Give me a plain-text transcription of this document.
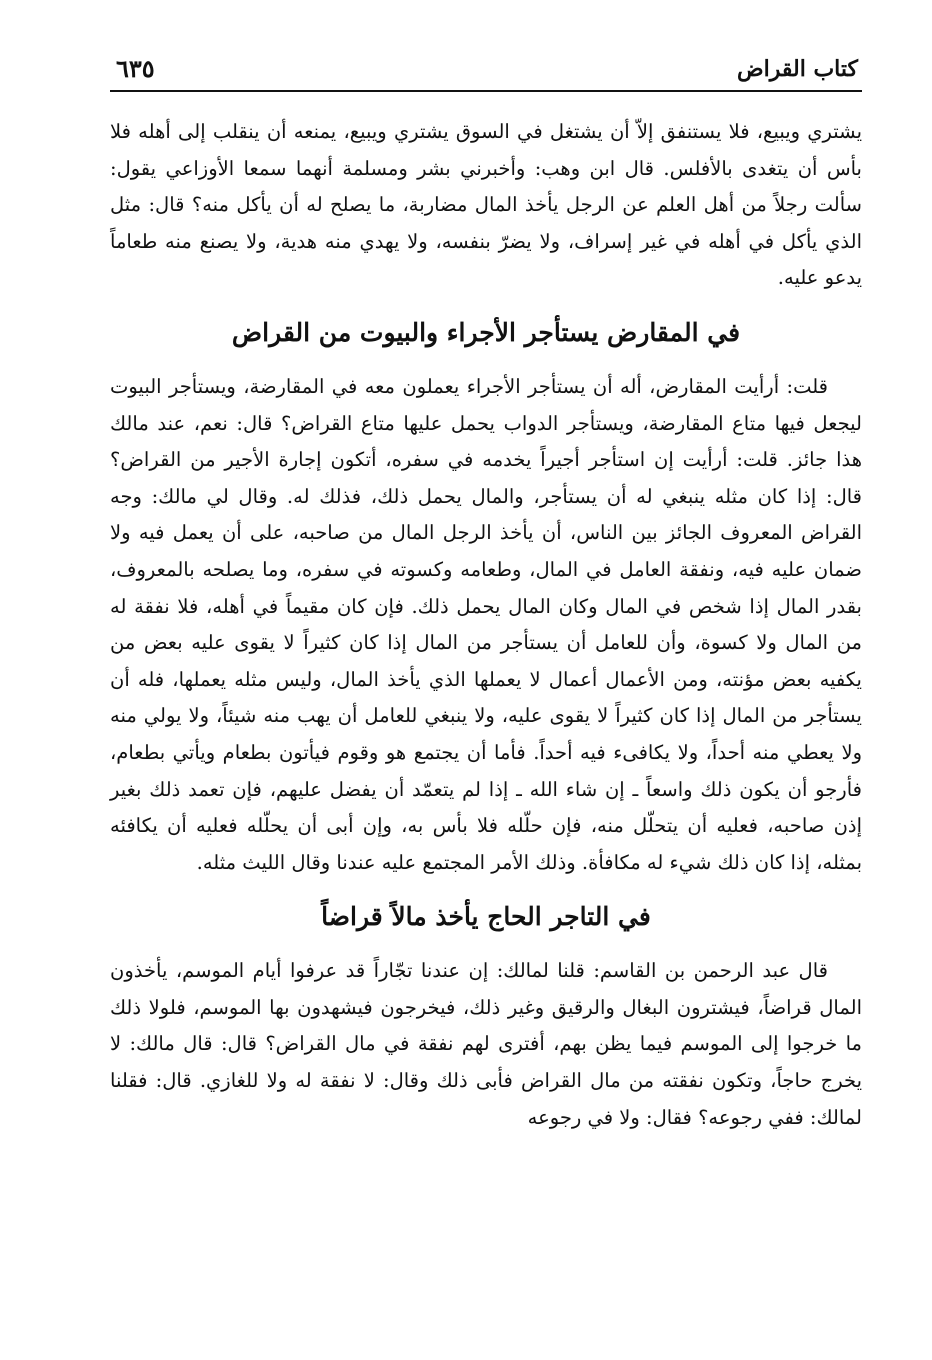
كتاب القراض
٦٣٥

يشتري ويبيع، فلا يستنفق إلاّ أن يشتغل في السوق يشتري ويبيع، يمنعه أن ينقلب إلى أهله فلا بأس أن يتغدى بالأفلس. قال ابن وهب: وأخبرني بشر ومسلمة أنهما سمعا الأوزاعي يقول: سألت رجلاً من أهل العلم عن الرجل يأخذ المال مضاربة، ما يصلح له أن يأكل منه؟ قال: مثل الذي يأكل في أهله في غير إسراف، ولا يضرّ بنفسه، ولا يهدي منه هدية، ولا يصنع منه طعاماً يدعو عليه.

في المقارض يستأجر الأجراء والبيوت من القراض

قلت: أرأيت المقارض، أله أن يستأجر الأجراء يعملون معه في المقارضة، ويستأجر البيوت ليجعل فيها متاع المقارضة، ويستأجر الدواب يحمل عليها متاع القراض؟ قال: نعم، عند مالك هذا جائز. قلت: أرأيت إن استأجر أجيراً يخدمه في سفره، أتكون إجارة الأجير من القراض؟ قال: إذا كان مثله ينبغي له أن يستأجر، والمال يحمل ذلك، فذلك له. وقال لي مالك: وجه القراض المعروف الجائز بين الناس، أن يأخذ الرجل المال من صاحبه، على أن يعمل فيه ولا ضمان عليه فيه، ونفقة العامل في المال، وطعامه وكسوته في سفره، وما يصلحه بالمعروف، بقدر المال إذا شخص في المال وكان المال يحمل ذلك. فإن كان مقيماً في أهله، فلا نفقة له من المال ولا كسوة، وأن للعامل أن يستأجر من المال إذا كان كثيراً لا يقوى عليه بعض من يكفيه بعض مؤنته، ومن الأعمال أعمال لا يعملها الذي يأخذ المال، وليس مثله يعملها، فله أن يستأجر من المال إذا كان كثيراً لا يقوى عليه، ولا ينبغي للعامل أن يهب منه شيئاً، ولا يولي منه ولا يعطي منه أحداً، ولا يكافىء فيه أحداً. فأما أن يجتمع هو وقوم فيأتون بطعام ويأتي بطعام، فأرجو أن يكون ذلك واسعاً ـ إن شاء الله ـ إذا لم يتعمّد أن يفضل عليهم، فإن تعمد ذلك بغير إذن صاحبه، فعليه أن يتحلّل منه، فإن حلّله فلا بأس به، وإن أبى أن يحلّله فعليه أن يكافئه بمثله، إذا كان ذلك شيء له مكافأة. وذلك الأمر المجتمع عليه عندنا وقال الليث مثله.

في التاجر الحاج يأخذ مالاً قراضاً

قال عبد الرحمن بن القاسم: قلنا لمالك: إن عندنا تجّاراً قد عرفوا أيام الموسم، يأخذون المال قراضاً، فيشترون البغال والرقيق وغير ذلك، فيخرجون فيشهدون بها الموسم، فلولا ذلك ما خرجوا إلى الموسم فيما يظن بهم، أفترى لهم نفقة في مال القراض؟ قال: قال مالك: لا يخرج حاجاً، وتكون نفقته من مال القراض فأبى ذلك وقال: لا نفقة له ولا للغازي. قال: فقلنا لمالك: ففي رجوعه؟ فقال: ولا في رجوعه
